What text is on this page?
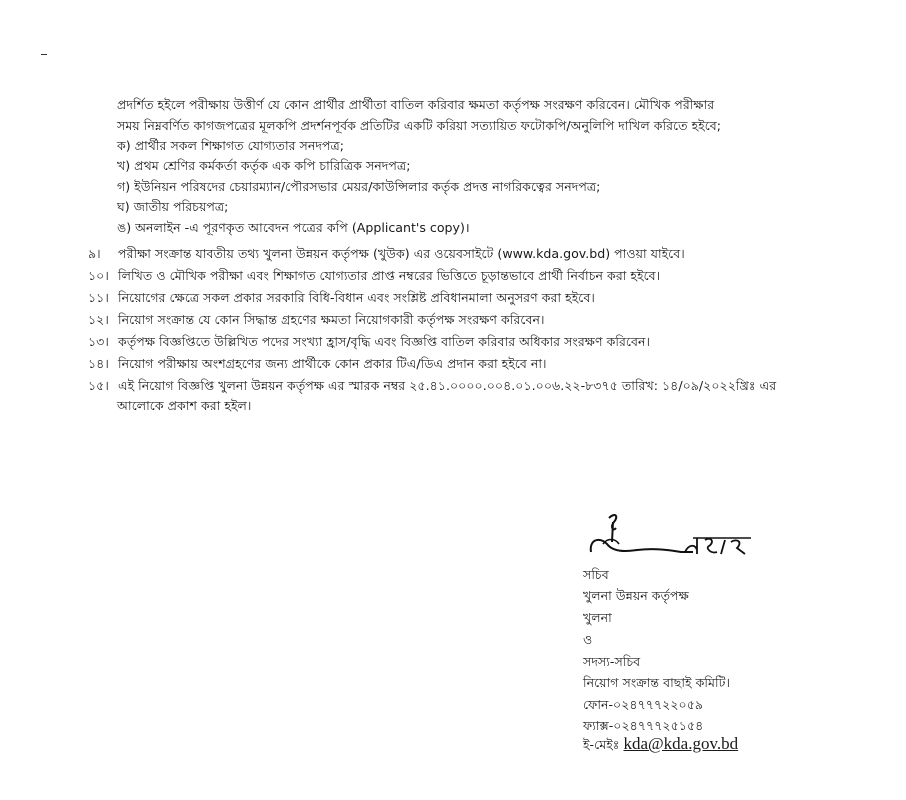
প্রদর্শিত হইলে পরীক্ষায় উত্তীর্ণ যে কোন প্রার্থীর প্রার্থীতা বাতিল করিবার ক্ষমতা কর্তৃপক্ষ সংরক্ষণ করিবেন। মৌখিক পরীক্ষার
সময় নিম্নবর্ণিত কাগজপত্রের মূলকপি প্রদর্শনপূর্বক প্রতিটির একটি করিয়া সত্যায়িত ফটোকপি/অনুলিপি দাখিল করিতে হইবে;
ক) প্রার্থীর সকল শিক্ষাগত যোগ্যতার সনদপত্র;
খ) প্রথম শ্রেণির কর্মকর্তা কর্তৃক এক কপি চারিত্রিক সনদপত্র;
গ) ইউনিয়ন পরিষদের চেয়ারম্যান/পৌরসভার মেয়র/কাউন্সিলার কর্তৃক প্রদত্ত নাগরিকত্বের সনদপত্র;
ঘ) জাতীয় পরিচয়পত্র;
ঙ) অনলাইন -এ পূরণকৃত আবেদন পত্রের কপি (Applicant's copy)।
৯। পরীক্ষা সংক্রান্ত যাবতীয় তথ্য খুলনা উন্নয়ন কর্তৃপক্ষ (খুউক) এর ওয়েবসাইটে (www.kda.gov.bd) পাওয়া যাইবে।
১০। লিখিত ও মৌখিক পরীক্ষা এবং শিক্ষাগত যোগ্যতার প্রাপ্ত নম্বরের ভিত্তিতে চূড়ান্তভাবে প্রার্থী নির্বাচন করা হইবে।
১১। নিয়োগের ক্ষেত্রে সকল প্রকার সরকারি বিধি-বিধান এবং সংশ্লিষ্ট প্রবিধানমালা অনুসরণ করা হইবে।
১২। নিয়োগ সংক্রান্ত যে কোন সিদ্ধান্ত গ্রহণের ক্ষমতা নিয়োগকারী কর্তৃপক্ষ সংরক্ষণ করিবেন।
১৩। কর্তৃপক্ষ বিজ্ঞপ্তিতে উল্লিখিত পদের সংখ্যা হ্রাস/বৃদ্ধি এবং বিজ্ঞপ্তি বাতিল করিবার অধিকার সংরক্ষণ করিবেন।
১৪। নিয়োগ পরীক্ষায় অংশগ্রহণের জন্য প্রার্থীকে কোন প্রকার টিএ/ডিএ প্রদান করা হইবে না।
১৫। এই নিয়োগ বিজ্ঞপ্তি খুলনা উন্নয়ন কর্তৃপক্ষ এর স্মারক নম্বর ২৫.৪১.০০০০.০০৪.০১.০০৬.২২-৮৩৭৫ তারিখ: ১৪/০৯/২০২২খ্রিঃ এর
আলোকে প্রকাশ করা হইল।
সচিব
খুলনা উন্নয়ন কর্তৃপক্ষ
খুলনা
ও
সদস্য-সচিব
নিয়োগ সংক্রান্ত বাছাই কমিটি।
ফোন-০২৪৭৭৭২২০৫৯
ফ্যাক্স-০২৪৭৭৭২৫১৫৪
ই-মেইঃ kda@kda.gov.bd
